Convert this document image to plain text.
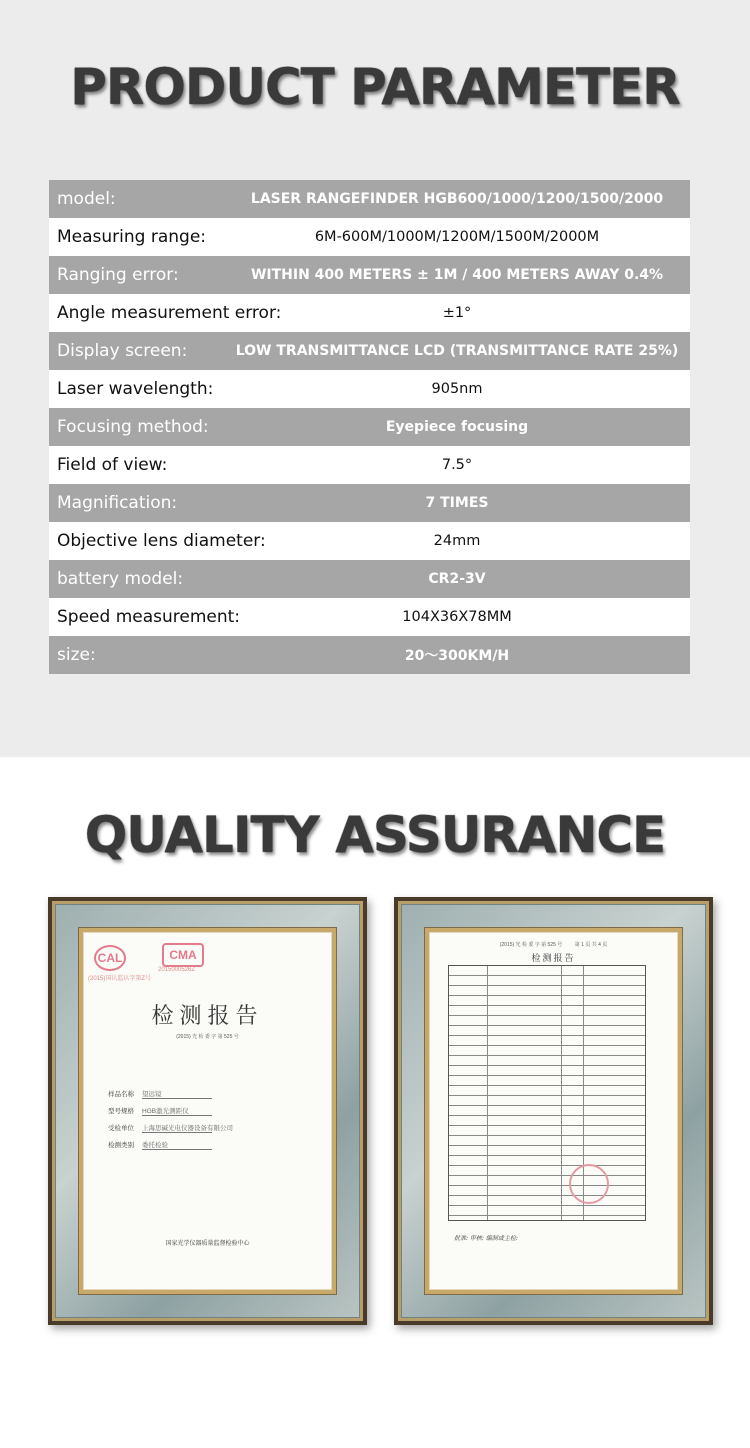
PRODUCT PARAMETER
model:	LASER RANGEFINDER HGB600/1000/1200/1500/2000
Measuring range:	6M-600M/1000M/1200M/1500M/2000M
Ranging error:	WITHIN 400 METERS ± 1M / 400 METERS AWAY 0.4%
Angle measurement error:	±1°
Display screen:	LOW TRANSMITTANCE LCD (TRANSMITTANCE RATE 25%)
Laser wavelength:	905nm
Focusing method:	Eyepiece focusing
Field of view:	7.5°
Magnification:	7 TIMES
Objective lens diameter:	24mm
battery model:	CR2-3V
Speed measurement:	104X36X78MM
size:	20～300KM/H
QUALITY ASSURANCE
CAL	CMA
(2015)国认监认字第Z号
2015000526Z
检测报告
(2015) 光 检 委 字 第 525 号
样品名称 望远镜
型号规格 HGB激光测距仪
受检单位 上海思碱光电仪器设备有限公司
检测类别 委托检验
国家光学仪器质量监督检验中心
(2015) 光 检 委 字 第 525 号	第 1 页 共 4 页
检测报告
批准: 审核: 编制或主检:
